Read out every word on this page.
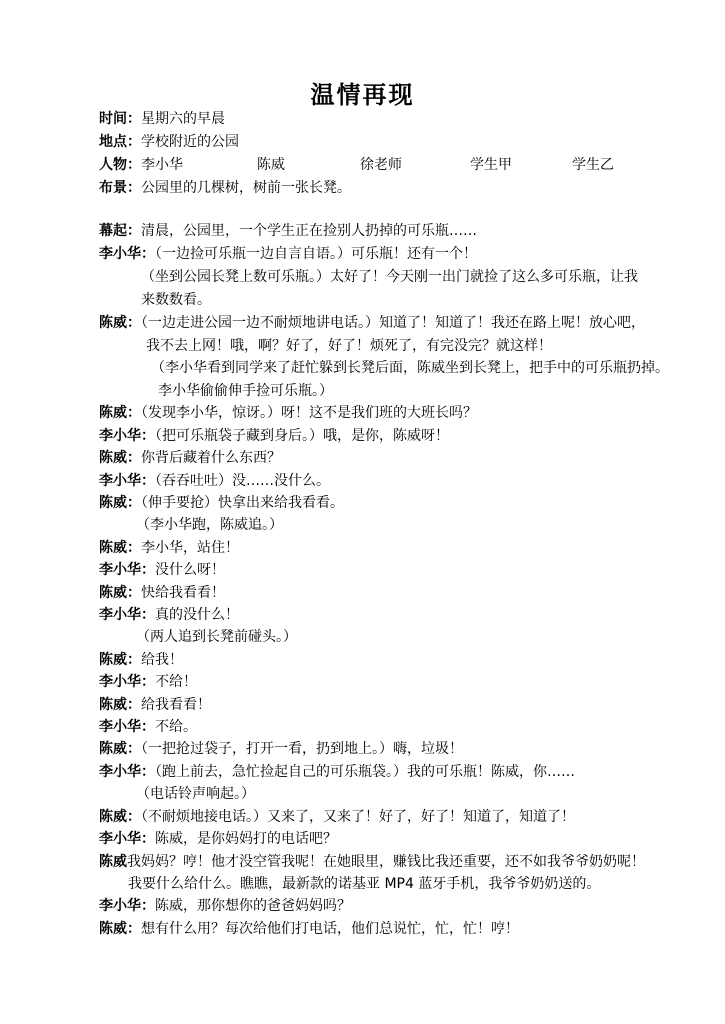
温情再现
时间：星期六的早晨
地点：学校附近的公园
人物：李小华	陈威	徐老师	学生甲	学生乙
布景：公园里的几棵树，树前一张长凳。
幕起：清晨，公园里，一个学生正在捡别人扔掉的可乐瓶……
李小华：（一边捡可乐瓶一边自言自语。）可乐瓶！还有一个！
（坐到公园长凳上数可乐瓶。）太好了！今天刚一出门就捡了这么多可乐瓶，让我
来数数看。
陈威：（一边走进公园一边不耐烦地讲电话。）知道了！知道了！我还在路上呢！放心吧，
我不去上网！哦，啊？好了，好了！烦死了，有完没完？就这样！
（李小华看到同学来了赶忙躲到长凳后面，陈威坐到长凳上，把手中的可乐瓶扔掉。
李小华偷偷伸手捡可乐瓶。）
陈威：（发现李小华，惊讶。）呀！这不是我们班的大班长吗？
李小华：（把可乐瓶袋子藏到身后。）哦，是你，陈威呀！
陈威：你背后藏着什么东西？
李小华：（吞吞吐吐）没……没什么。
陈威：（伸手要抢）快拿出来给我看看。
（李小华跑，陈威追。）
陈威：李小华，站住！
李小华：没什么呀！
陈威：快给我看看！
李小华：真的没什么！
（两人追到长凳前碰头。）
陈威：给我！
李小华：不给！
陈威：给我看看！
李小华：不给。
陈威：（一把抢过袋子，打开一看，扔到地上。）嗨，垃圾！
李小华：（跑上前去，急忙捡起自己的可乐瓶袋。）我的可乐瓶！陈威，你……
（电话铃声响起。）
陈威：（不耐烦地接电话。）又来了，又来了！好了，好了！知道了，知道了！
李小华：陈威，是你妈妈打的电话吧？
陈威我妈妈？哼！他才没空管我呢！在她眼里，赚钱比我还重要，还不如我爷爷奶奶呢！
我要什么给什么。瞧瞧，最新款的诺基亚 MP4 蓝牙手机，我爷爷奶奶送的。
李小华：陈威，那你想你的爸爸妈妈吗？
陈威：想有什么用？每次给他们打电话，他们总说忙，忙，忙！哼！
